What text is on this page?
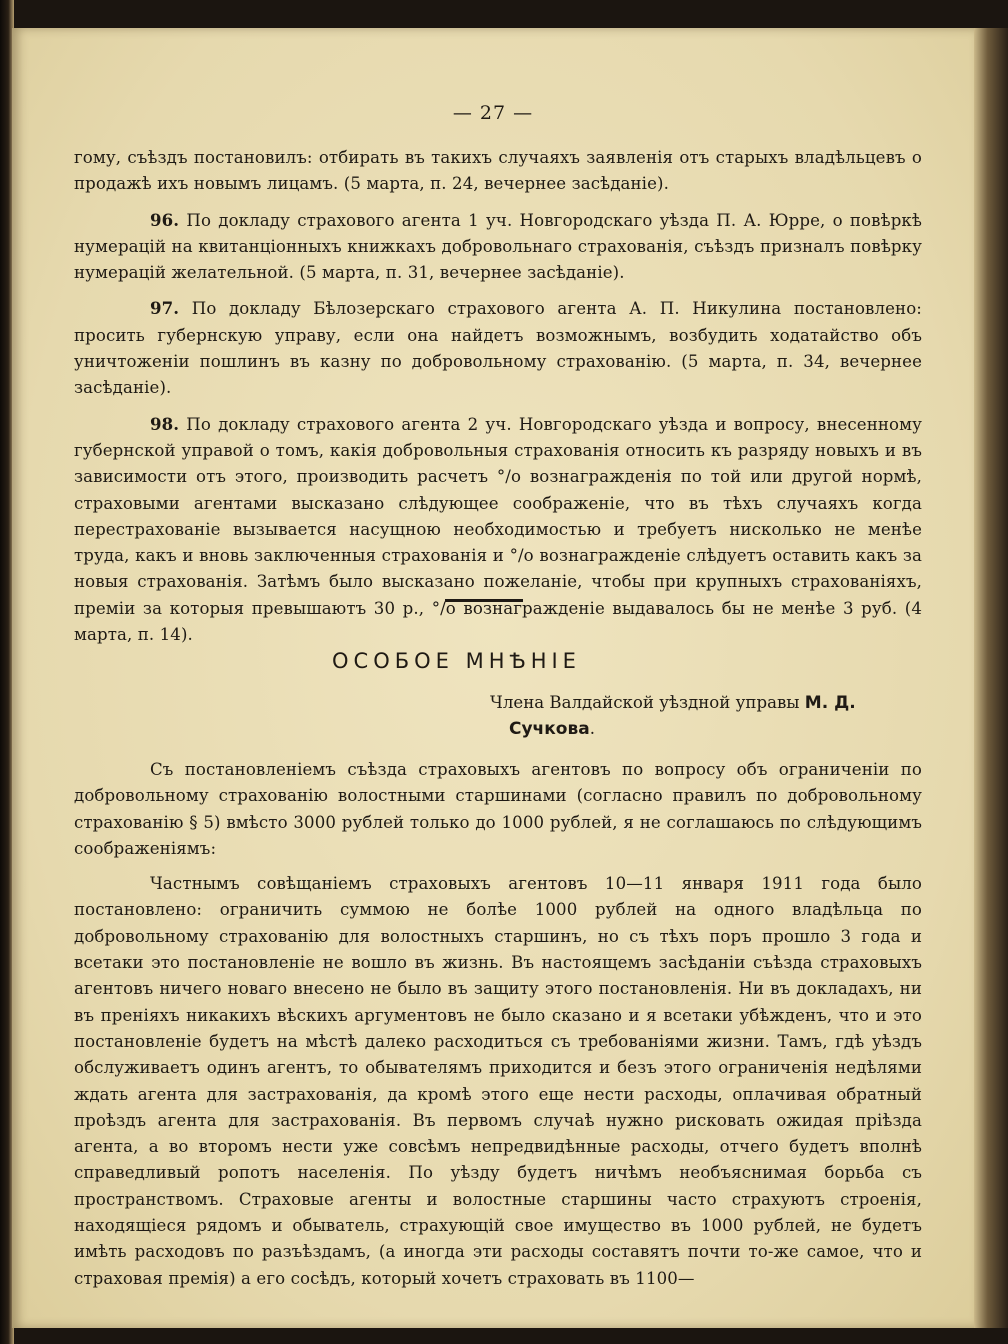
— 27 —

гому, съѣздъ постановилъ: отбирать въ такихъ случаяхъ заявленія отъ старыхъ владѣльцевъ о продажѣ ихъ новымъ лицамъ. (5 марта, п. 24, вечернее засѣданіе).

96. По докладу страхового агента 1 уч. Новгородскаго уѣзда П. А. Юрре, о повѣркѣ нумерацій на квитанціонныхъ книжкахъ добровольнаго страхованія, съѣздъ призналъ повѣрку нумерацій желательной. (5 марта, п. 31, вечернее засѣданіе).

97. По докладу Бѣлозерскаго страхового агента А. П. Никулина постановлено: просить губернскую управу, если она найдетъ возможнымъ, возбудить ходатайство объ уничтоженіи пошлинъ въ казну по добровольному страхованію. (5 марта, п. 34, вечернее засѣданіе).

98. По докладу страхового агента 2 уч. Новгородскаго уѣзда и вопросу, внесенному губернской управой о томъ, какія добровольныя страхованія относить къ разряду новыхъ и въ зависимости отъ этого, производить расчетъ °/о вознагражденія по той или другой нормѣ, страховыми агентами высказано слѣдующее соображеніе, что въ тѣхъ случаяхъ когда перестрахованіе вызывается насущною необходимостью и требуетъ нисколько не менѣе труда, какъ и вновь заключенныя страхованія и °/о вознагражденіе слѣдуетъ оставить какъ за новыя страхованія. Затѣмъ было высказано пожеланіе, чтобы при крупныхъ страхованіяхъ, преміи за которыя превышаютъ 30 р., °/о вознагражденіе выдавалось бы не менѣе 3 руб. (4 марта, п. 14).

ОСОБОЕ МНѢНІЕ
Члена Валдайской уѣздной управы М. Д.
Сучкова.

Съ постановленіемъ съѣзда страховыхъ агентовъ по вопросу объ ограниченіи по добровольному страхованію волостными старшинами (согласно правилъ по добровольному страхованію § 5) вмѣсто 3000 рублей только до 1000 рублей, я не соглашаюсь по слѣдующимъ соображеніямъ:

Частнымъ совѣщаніемъ страховыхъ агентовъ 10—11 января 1911 года было постановлено: ограничить суммою не болѣе 1000 рублей на одного владѣльца по добровольному страхованію для волостныхъ старшинъ, но съ тѣхъ поръ прошло 3 года и всетаки это постановленіе не вошло въ жизнь. Въ настоящемъ засѣданіи съѣзда страховыхъ агентовъ ничего новаго внесено не было въ защиту этого постановленія. Ни въ докладахъ, ни въ преніяхъ никакихъ вѣскихъ аргументовъ не было сказано и я всетаки убѣжденъ, что и это постановленіе будетъ на мѣстѣ далеко расходиться съ требованіями жизни. Тамъ, гдѣ уѣздъ обслуживаетъ одинъ агентъ, то обывателямъ приходится и безъ этого ограниченія недѣлями ждать агента для застрахованія, да кромѣ этого еще нести расходы, оплачивая обратный проѣздъ агента для застрахованія. Въ первомъ случаѣ нужно рисковать ожидая пріѣзда агента, а во второмъ нести уже совсѣмъ непредвидѣнные расходы, отчего будетъ вполнѣ справедливый ропотъ населенія. По уѣзду будетъ ничѣмъ необъяснимая борьба съ пространствомъ. Страховые агенты и волостные старшины часто страхуютъ строенія, находящіеся рядомъ и обыватель, страхующій свое имущество въ 1000 рублей, не будетъ имѣть расходовъ по разъѣздамъ, (а иногда эти расходы составятъ почти то-же самое, что и страховая премія) а его сосѣдъ, который хочетъ страховать въ 1100—
